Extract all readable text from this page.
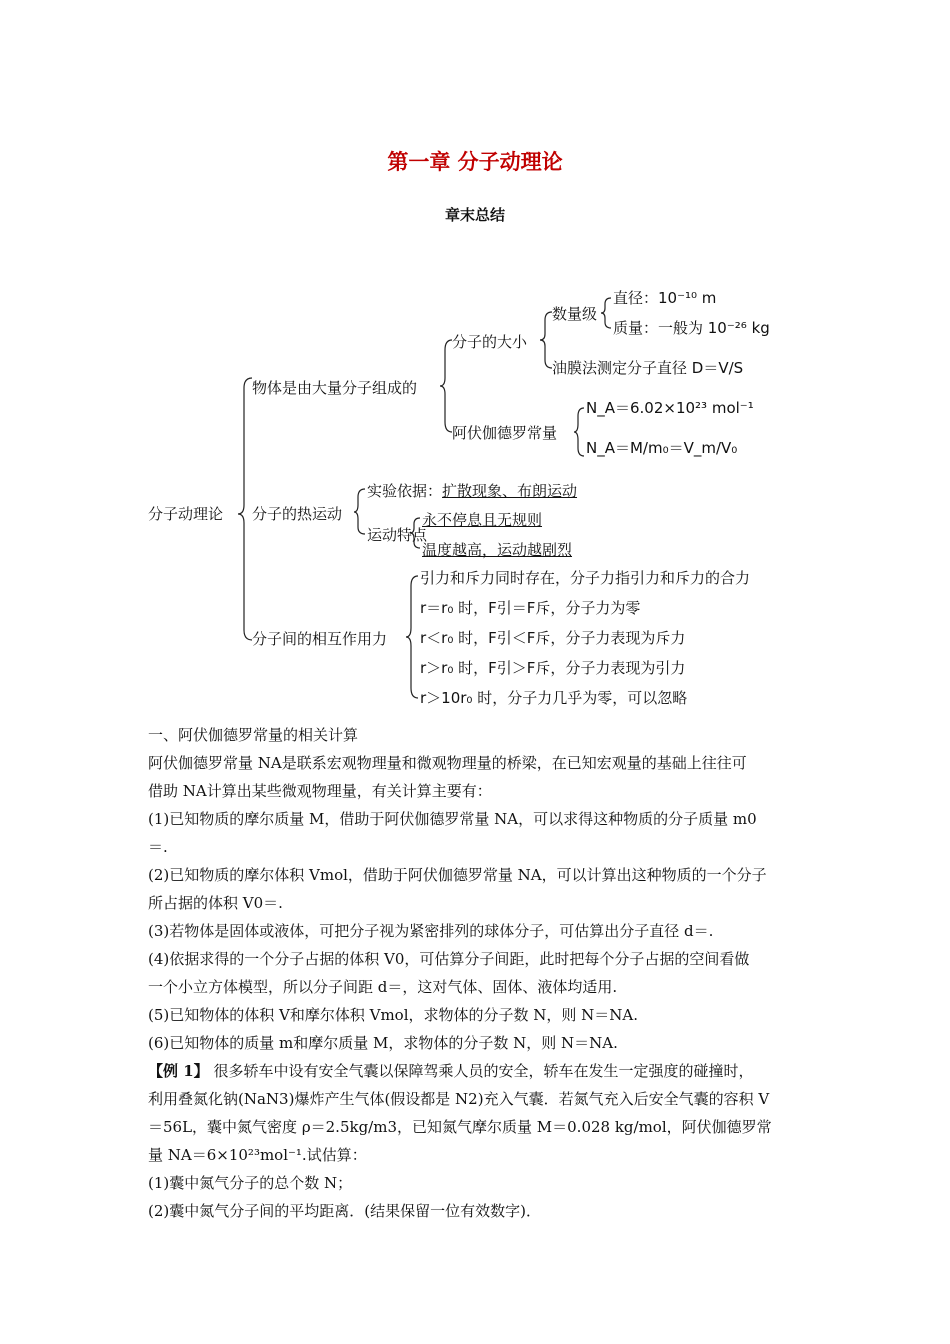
第一章 分子动理论
章末总结
分子动理论
物体是由大量分子组成的
分子的大小
数量级
直径：10⁻¹⁰ m
质量：一般为 10⁻²⁶ kg
油膜法测定分子直径 D＝V/S
阿伏伽德罗常量
N_A＝6.02×10²³ mol⁻¹
N_A＝M/m₀＝V_m/V₀
分子的热运动
实验依据：扩散现象、布朗运动
运动特点
永不停息且无规则
温度越高，运动越剧烈
分子间的相互作用力
引力和斥力同时存在，分子力指引力和斥力的合力
r＝r₀ 时，F引＝F斥，分子力为零
r＜r₀ 时，F引＜F斥，分子力表现为斥力
r＞r₀ 时，F引＞F斥，分子力表现为引力
r＞10r₀ 时，分子力几乎为零，可以忽略
一、阿伏伽德罗常量的相关计算
阿伏伽德罗常量 NA是联系宏观物理量和微观物理量的桥梁，在已知宏观量的基础上往往可
借助 NA计算出某些微观物理量，有关计算主要有：
(1)已知物质的摩尔质量 M，借助于阿伏伽德罗常量 NA，可以求得这种物质的分子质量 m0
＝.
(2)已知物质的摩尔体积 Vmol，借助于阿伏伽德罗常量 NA，可以计算出这种物质的一个分子
所占据的体积 V0＝.
(3)若物体是固体或液体，可把分子视为紧密排列的球体分子，可估算出分子直径 d＝.
(4)依据求得的一个分子占据的体积 V0，可估算分子间距，此时把每个分子占据的空间看做
一个小立方体模型，所以分子间距 d＝，这对气体、固体、液体均适用.
(5)已知物体的体积 V和摩尔体积 Vmol，求物体的分子数 N，则 N＝NA.
(6)已知物体的质量 m和摩尔质量 M，求物体的分子数 N，则 N＝NA.
【例 1】 很多轿车中设有安全气囊以保障驾乘人员的安全，轿车在发生一定强度的碰撞时，
利用叠氮化钠(NaN3)爆炸产生气体(假设都是 N2)充入气囊．若氮气充入后安全气囊的容积 V
＝56L，囊中氮气密度 ρ＝2.5kg/m3，已知氮气摩尔质量 M＝0.028 kg/mol，阿伏伽德罗常
量 NA＝6×10²³mol⁻¹.试估算：
(1)囊中氮气分子的总个数 N；
(2)囊中氮气分子间的平均距离．(结果保留一位有效数字)．
